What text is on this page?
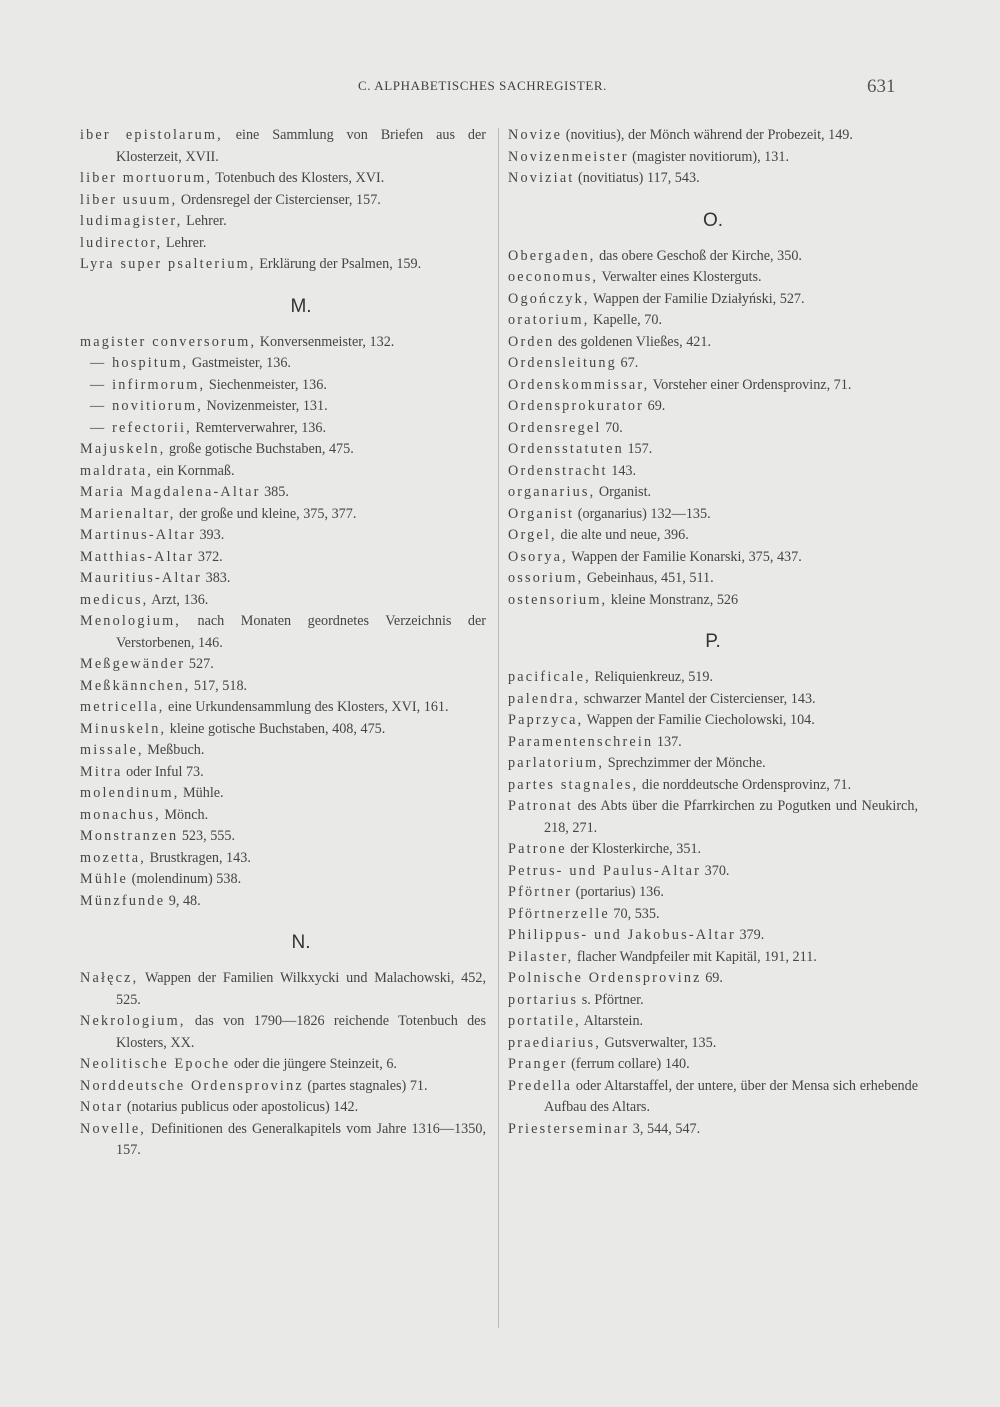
C. ALPHABETISCHES SACHREGISTER.	631
iber epistolarum, eine Sammlung von Briefen aus der Klosterzeit, XVII.
liber mortuorum, Totenbuch des Klosters, XVI.
liber usuum, Ordensregel der Cistercienser, 157.
ludimagister, Lehrer.
ludirector, Lehrer.
Lyra super psalterium, Erklärung der Psalmen, 159.
M.
magister conversorum, Konversenmeister, 132.
— hospitum, Gastmeister, 136.
— infirmorum, Siechenmeister, 136.
— novitiorum, Novizenmeister, 131.
— refectorii, Remterverwahrer, 136.
Majuskeln, große gotische Buchstaben, 475.
maldrata, ein Kornmaß.
Maria Magdalena-Altar 385.
Marienaltar, der große und kleine, 375, 377.
Martinus-Altar 393.
Matthias-Altar 372.
Mauritius-Altar 383.
medicus, Arzt, 136.
Menologium, nach Monaten geordnetes Verzeichnis der Verstorbenen, 146.
Meßgewänder 527.
Meßkännchen, 517, 518.
metricella, eine Urkundensammlung des Klosters, XVI, 161.
Minuskeln, kleine gotische Buchstaben, 408, 475.
missale, Meßbuch.
Mitra oder Inful 73.
molendinum, Mühle.
monachus, Mönch.
Monstranzen 523, 555.
mozetta, Brustkragen, 143.
Mühle (molendinum) 538.
Münzfunde 9, 48.
N.
Nałęcz, Wappen der Familien Wilkxycki und Malachowski, 452, 525.
Nekrologium, das von 1790—1826 reichende Totenbuch des Klosters, XX.
Neolitische Epoche oder die jüngere Steinzeit, 6.
Norddeutsche Ordensprovinz (partes stagnales) 71.
Notar (notarius publicus oder apostolicus) 142.
Novelle, Definitionen des Generalkapitels vom Jahre 1316—1350, 157.
Novize (novitius), der Mönch während der Probezeit, 149.
Novizenmeister (magister novitiorum), 131.
Noviziat (novitiatus) 117, 543.
O.
Obergaden, das obere Geschoß der Kirche, 350.
oeconomus, Verwalter eines Klosterguts.
Ogończyk, Wappen der Familie Działyński, 527.
oratorium, Kapelle, 70.
Orden des goldenen Vließes, 421.
Ordensleitung 67.
Ordenskommissar, Vorsteher einer Ordensprovinz, 71.
Ordensprokurator 69.
Ordensregel 70.
Ordensstatuten 157.
Ordenstracht 143.
organarius, Organist.
Organist (organarius) 132—135.
Orgel, die alte und neue, 396.
Osorya, Wappen der Familie Konarski, 375, 437.
ossorium, Gebeinhaus, 451, 511.
ostensorium, kleine Monstranz, 526
P.
pacificale, Reliquienkreuz, 519.
palendra, schwarzer Mantel der Cistercienser, 143.
Paprzyca, Wappen der Familie Ciecholowski, 104.
Paramentenschrein 137.
parlatorium, Sprechzimmer der Mönche.
partes stagnales, die norddeutsche Ordensprovinz, 71.
Patronat des Abts über die Pfarrkirchen zu Pogutken und Neukirch, 218, 271.
Patrone der Klosterkirche, 351.
Petrus- und Paulus-Altar 370.
Pförtner (portarius) 136.
Pförtnerzelle 70, 535.
Philippus- und Jakobus-Altar 379.
Pilaster, flacher Wandpfeiler mit Kapitäl, 191, 211.
Polnische Ordensprovinz 69.
portarius s. Pförtner.
portatile, Altarstein.
praediarius, Gutsverwalter, 135.
Pranger (ferrum collare) 140.
Predella oder Altarstaffel, der untere, über der Mensa sich erhebende Aufbau des Altars.
Priesterseminar 3, 544, 547.
